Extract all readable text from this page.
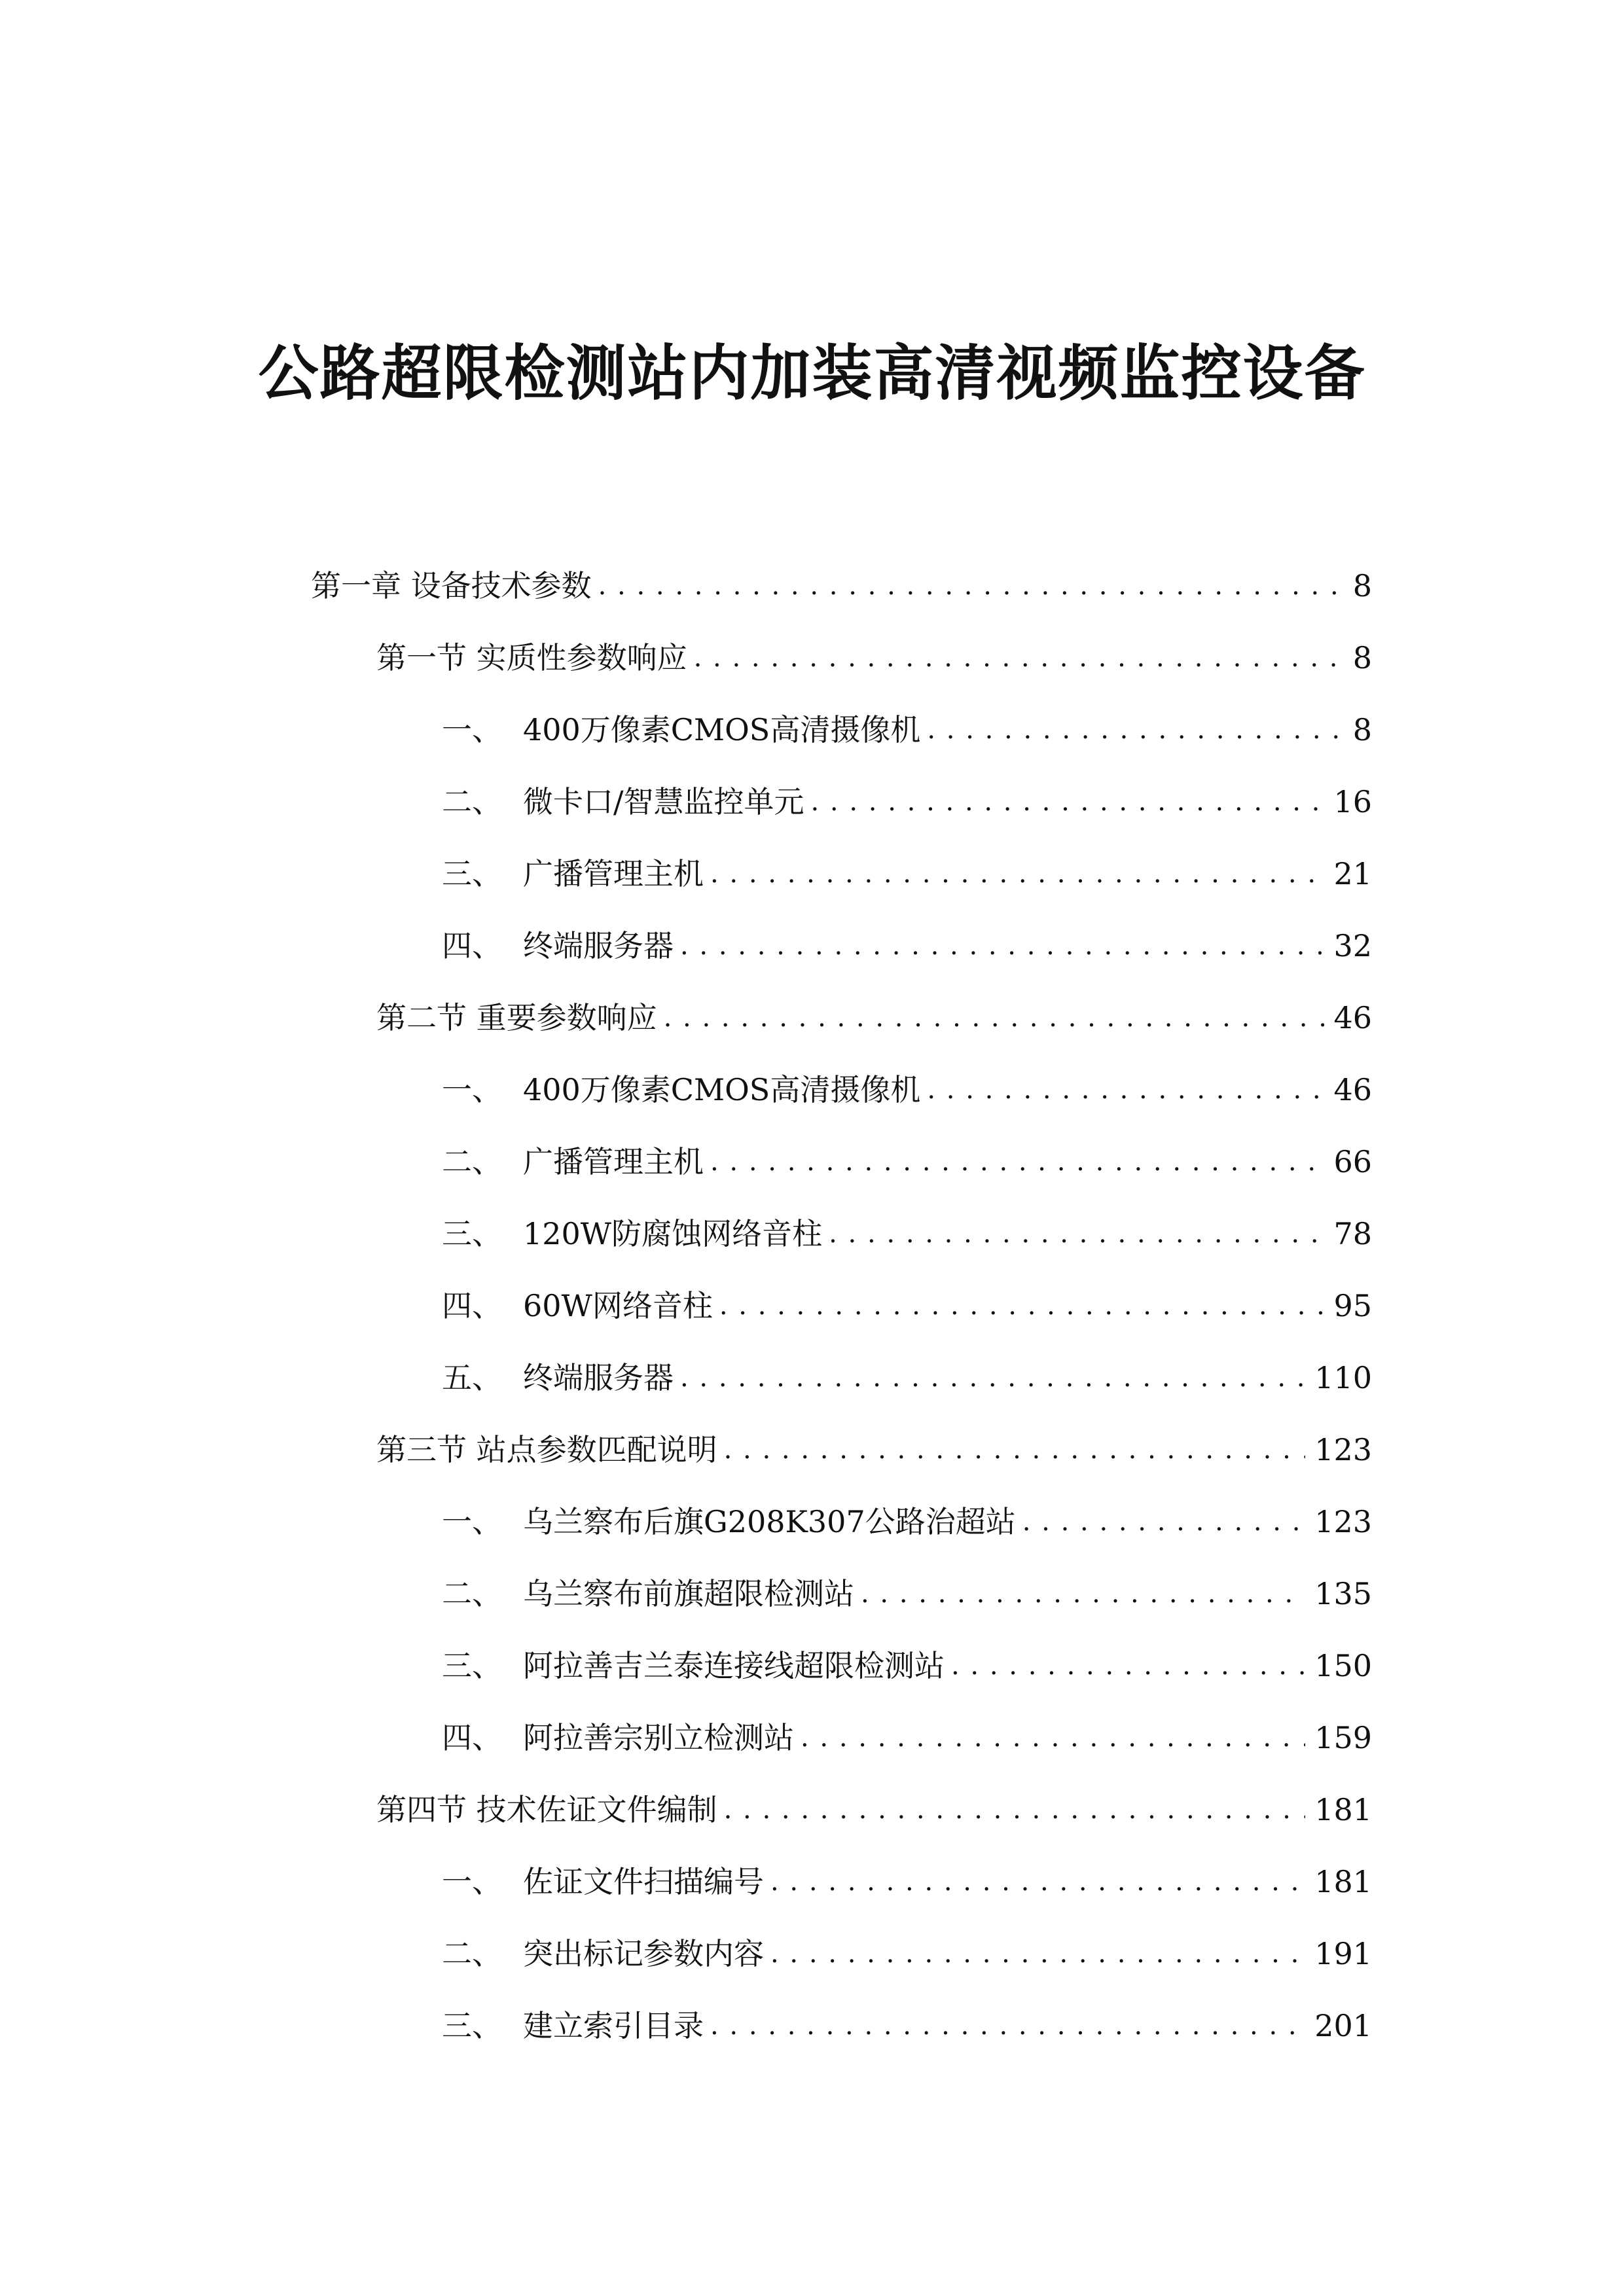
公路超限检测站内加装高清视频监控设备
第一章 设备技术参数 . . .	8
第一节 实质性参数响应 . . .	8
一、 400万像素CMOS高清摄像机 . . .	8
二、 微卡口/智慧监控单元 . . .	16
三、 广播管理主机 . . .	21
四、 终端服务器 . . .	32
第二节 重要参数响应 . . .	46
一、 400万像素CMOS高清摄像机 . . .	46
二、 广播管理主机 . . .	66
三、 120W防腐蚀网络音柱 . . .	78
四、 60W网络音柱 . . .	95
五、 终端服务器 . . .	110
第三节 站点参数匹配说明 . . .	123
一、 乌兰察布后旗G208K307公路治超站 . . .	123
二、 乌兰察布前旗超限检测站 . . .	135
三、 阿拉善吉兰泰连接线超限检测站 . . .	150
四、 阿拉善宗别立检测站 . . .	159
第四节 技术佐证文件编制 . . .	181
一、 佐证文件扫描编号 . . .	181
二、 突出标记参数内容 . . .	191
三、 建立索引目录 . . .	201
